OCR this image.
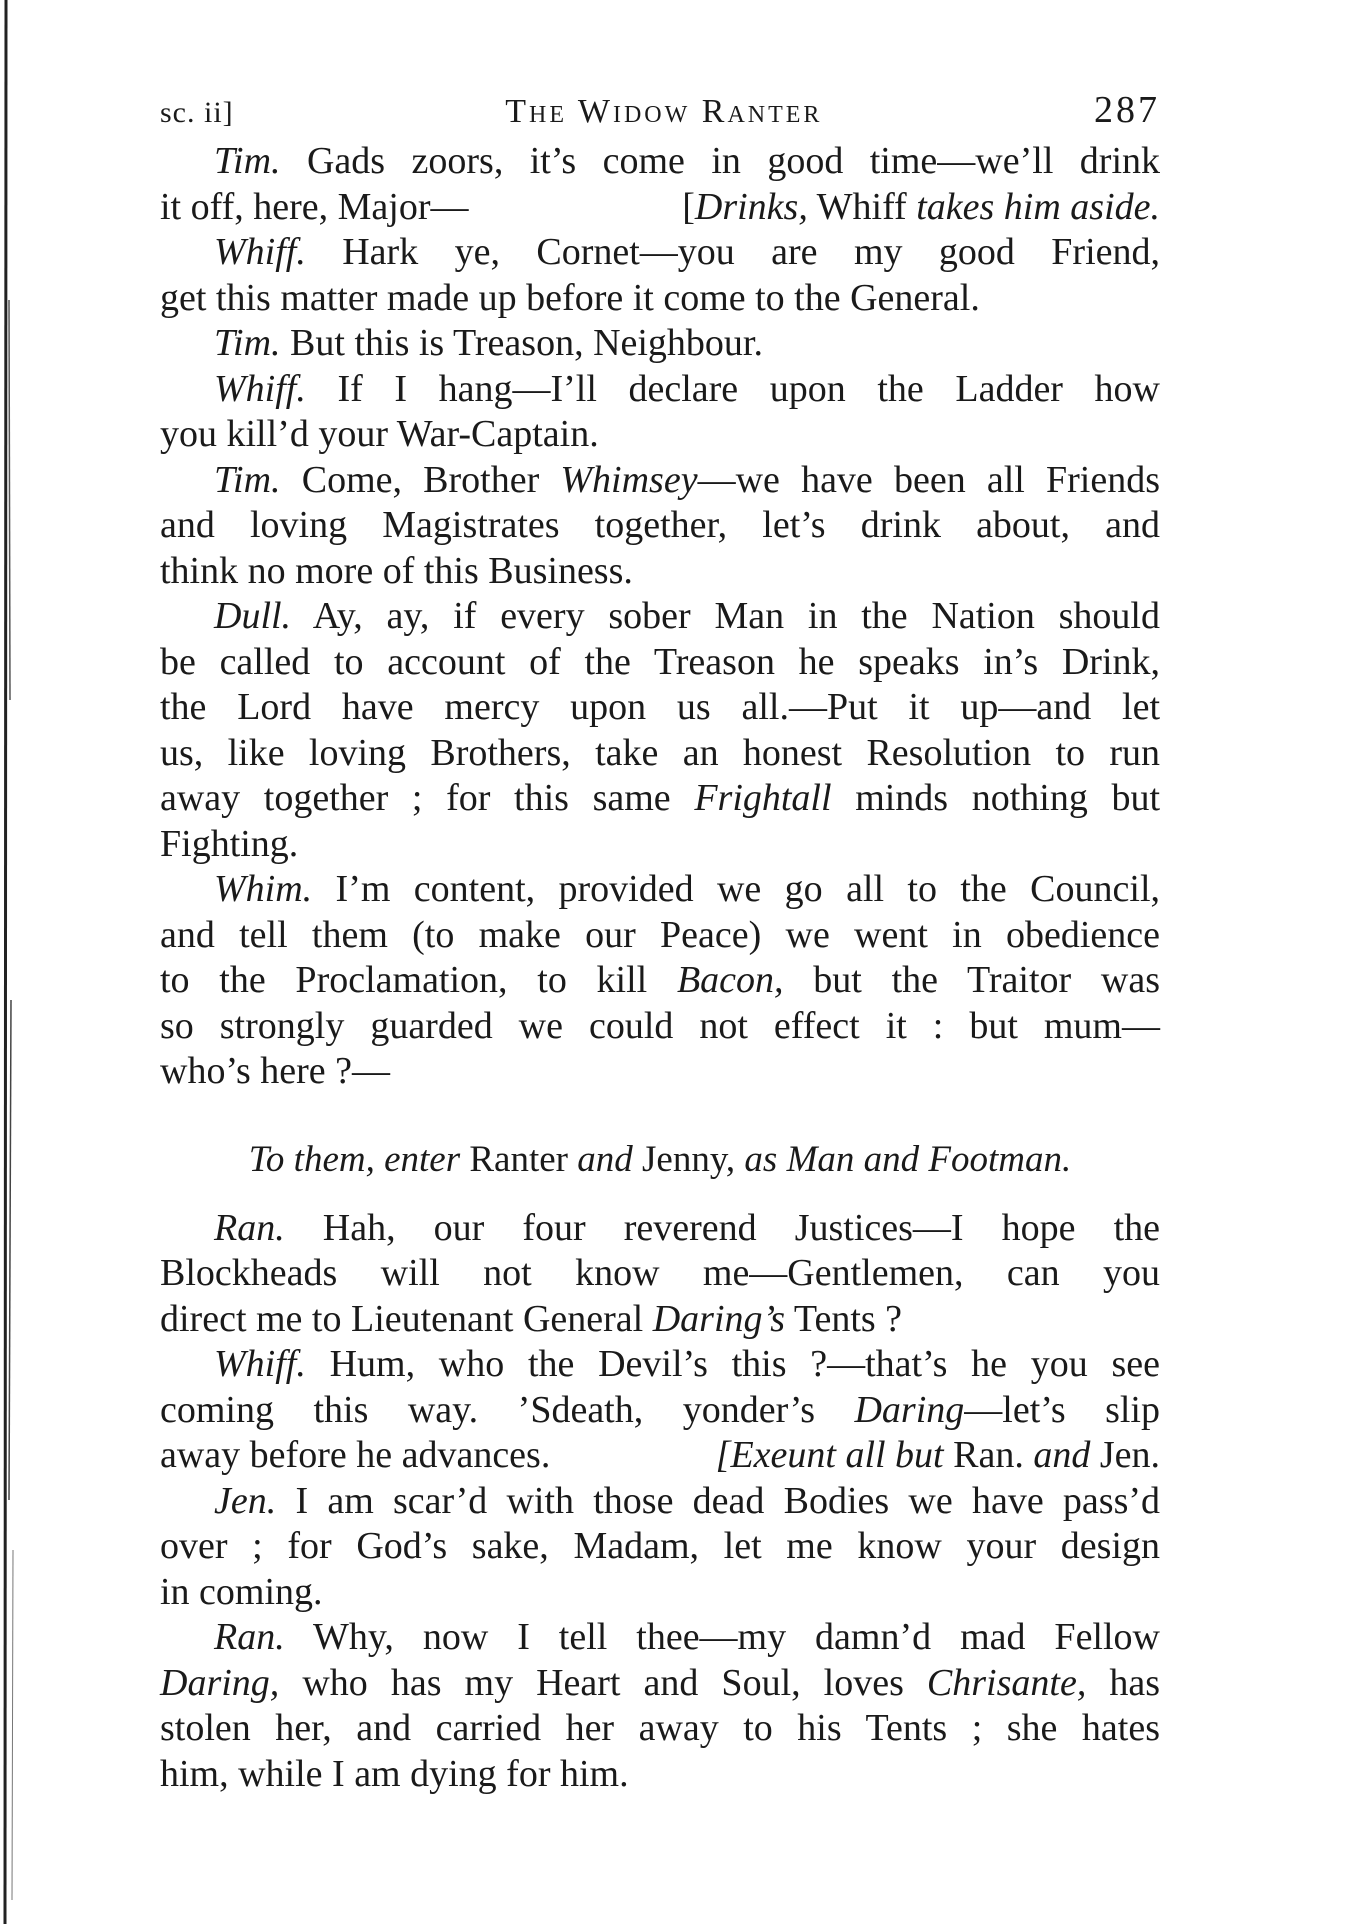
sc. ii]	The Widow Ranter	287
Tim. Gads zoors, it’s come in good time—we’ll drink
it off, here, Major—	[Drinks, Whiff takes him aside.
Whiff. Hark ye, Cornet—you are my good Friend,
get this matter made up before it come to the General.
Tim. But this is Treason, Neighbour.
Whiff. If I hang—I’ll declare upon the Ladder how
you kill’d your War-Captain.
Tim. Come, Brother Whimsey—we have been all Friends
and loving Magistrates together, let’s drink about, and
think no more of this Business.
Dull. Ay, ay, if every sober Man in the Nation should
be called to account of the Treason he speaks in’s Drink,
the Lord have mercy upon us all.—Put it up—and let
us, like loving Brothers, take an honest Resolution to run
away together ; for this same Frightall minds nothing but
Fighting.
Whim. I’m content, provided we go all to the Council,
and tell them (to make our Peace) we went in obedience
to the Proclamation, to kill Bacon, but the Traitor was
so strongly guarded we could not effect it : but mum—
who’s here ?—
To them, enter Ranter and Jenny, as Man and Footman.
Ran. Hah, our four reverend Justices—I hope the
Blockheads will not know me—Gentlemen, can you
direct me to Lieutenant General Daring’s Tents ?
Whiff. Hum, who the Devil’s this ?—that’s he you see
coming this way. ’Sdeath, yonder’s Daring—let’s slip
away before he advances.	[Exeunt all but Ran. and Jen.
Jen. I am scar’d with those dead Bodies we have pass’d
over ; for God’s sake, Madam, let me know your design
in coming.
Ran. Why, now I tell thee—my damn’d mad Fellow
Daring, who has my Heart and Soul, loves Chrisante, has
stolen her, and carried her away to his Tents ; she hates
him, while I am dying for him.
